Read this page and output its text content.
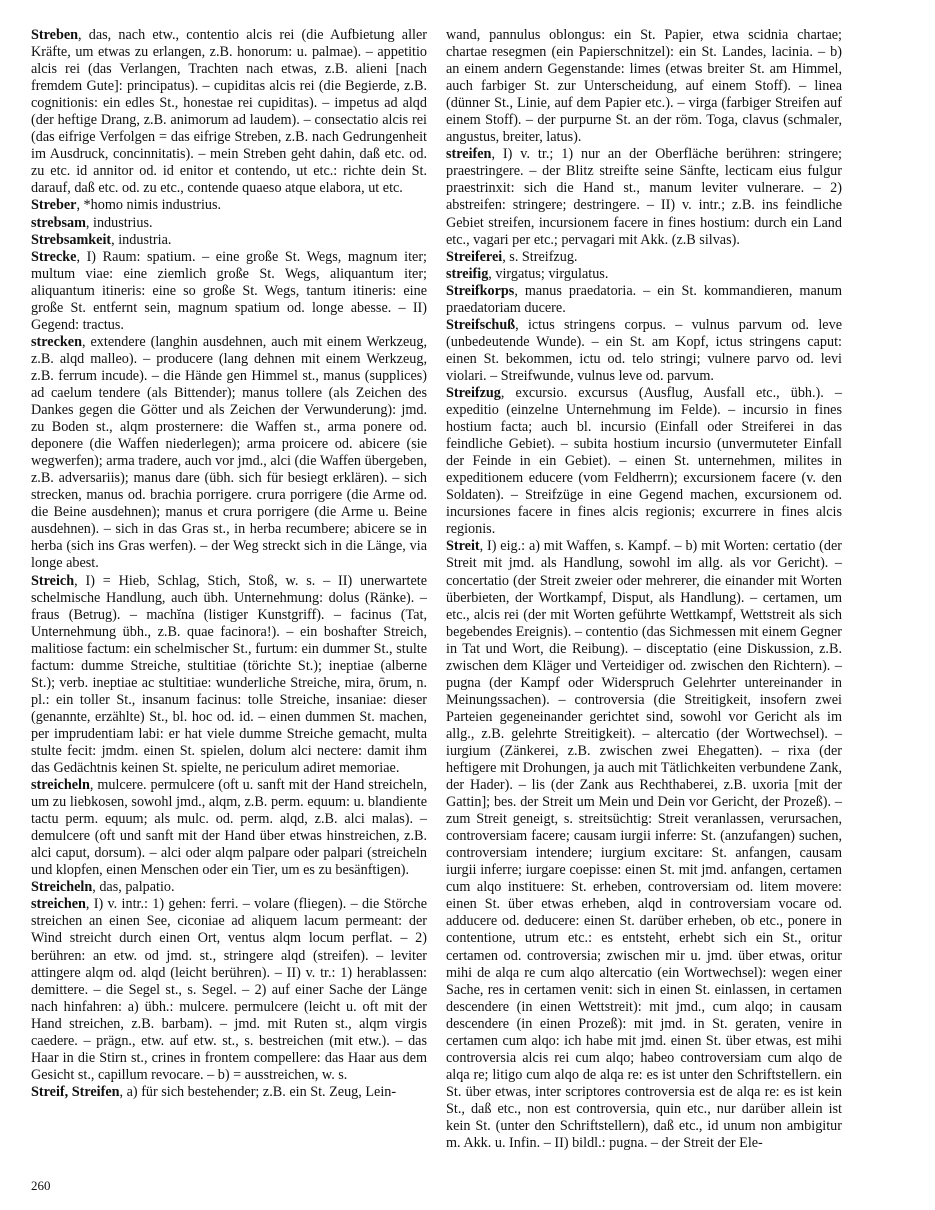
Streben, das, nach etw., contentio alcis rei (die Aufbietung aller Kräfte, um etwas zu erlangen, z.B. honorum: u. palmae). – appetitio alcis rei (das Verlangen, Trachten nach etwas, z.B. alieni [nach fremdem Gute]: principatus). – cupiditas alcis rei (die Begierde, z.B. cognitionis: ein edles St., honestae rei cupiditas). – impetus ad alqd (der heftige Drang, z.B. animorum ad laudem). – consectatio alcis rei (das eifrige Verfolgen = das eifrige Streben, z.B. nach Gedrungenheit im Ausdruck, concinnitatis). – mein Streben geht dahin, daß etc. od. zu etc. id annitor od. id enitor et contendo, ut etc.: richte dein St. darauf, daß etc. od. zu etc., contende quaeso atque elabora, ut etc.

Streber, *homo nimis industrius.

strebsam, industrius.

Strebsamkeit, industria.

Strecke, I) Raum: spatium. – eine große St. Wegs, magnum iter; multum viae: eine ziemlich große St. Wegs, aliquantum iter; aliquantum itineris: eine so große St. Wegs, tantum itineris: eine große St. entfernt sein, magnum spatium od. longe abesse. – II) Gegend: tractus.

strecken, extendere (langhin ausdehnen, auch mit einem Werkzeug, z.B. alqd malleo). – producere (lang dehnen mit einem Werkzeug, z.B. ferrum incude). – die Hände gen Himmel st., manus (supplices) ad caelum tendere (als Bittender); manus tollere (als Zeichen des Dankes gegen die Götter und als Zeichen der Verwunderung): jmd. zu Boden st., alqm prosternere: die Waffen st., arma ponere od. deponere (die Waffen niederlegen); arma proicere od. abicere (sie wegwerfen); arma tradere, auch vor jmd., alci (die Waffen übergeben, z.B. adversariis); manus dare (übh. sich für besiegt erklären). – sich strecken, manus od. brachia porrigere. crura porrigere (die Arme od. die Beine ausdehnen); manus et crura porrigere (die Arme u. Beine ausdehnen). – sich in das Gras st., in herba recumbere; abicere se in herba (sich ins Gras werfen). – der Weg streckt sich in die Länge, via longe abest.

Streich, I) = Hieb, Schlag, Stich, Stoß, w. s. – II) unerwartete schelmische Handlung, auch übh. Unternehmung: dolus (Ränke). – fraus (Betrug). – machĭna (listiger Kunstgriff). – facinus (Tat, Unternehmung übh., z.B. quae facinora!). – ein boshafter Streich, malitiose factum: ein schelmischer St., furtum: ein dummer St., stulte factum: dumme Streiche, stultitiae (törichte St.); ineptiae (alberne St.); verb. ineptiae ac stultitiae: wunderliche Streiche, mira, ōrum, n. pl.: ein toller St., insanum facinus: tolle Streiche, insaniae: dieser (genannte, erzählte) St., bl. hoc od. id. – einen dummen St. machen, per imprudentiam labi: er hat viele dumme Streiche gemacht, multa stulte fecit: jmdm. einen St. spielen, dolum alci nectere: damit ihm das Gedächtnis keinen St. spielte, ne periculum adiret memoriae.

streicheln, mulcere. permulcere (oft u. sanft mit der Hand streicheln, um zu liebkosen, sowohl jmd., alqm, z.B. perm. equum: u. blandiente tactu perm. equum; als mulc. od. perm. alqd, z.B. alci malas). – demulcere (oft und sanft mit der Hand über etwas hinstreichen, z.B. alci caput, dorsum). – alci oder alqm palpare oder palpari (streicheln und klopfen, einen Menschen oder ein Tier, um es zu besänftigen).

Streicheln, das, palpatio.

streichen, I) v. intr.: 1) gehen: ferri. – volare (fliegen). – die Störche streichen an einen See, ciconiae ad aliquem lacum permeant: der Wind streicht durch einen Ort, ventus alqm locum perflat. – 2) berühren: an etw. od jmd. st., stringere alqd (streifen). – leviter attingere alqm od. alqd (leicht berühren). – II) v. tr.: 1) herablassen: demittere. – die Segel st., s. Segel. – 2) auf einer Sache der Länge nach hinfahren: a) übh.: mulcere. permulcere (leicht u. oft mit der Hand streichen, z.B. barbam). – jmd. mit Ruten st., alqm virgis caedere. – prägn., etw. auf etw. st., s. bestreichen (mit etw.). – das Haar in die Stirn st., crines in frontem compellere: das Haar aus dem Gesicht st., capillum revocare. – b) = ausstreichen, w. s.

Streif, Streifen, a) für sich bestehender; z.B. ein St. Zeug, Lein-

wand, pannulus oblongus: ein St. Papier, etwa scidnia chartae; chartae resegmen (ein Papierschnitzel): ein St. Landes, lacinia. – b) an einem andern Gegenstande: limes (etwas breiter St. am Himmel, auch farbiger St. zur Unterscheidung, auf einem Stoff). – linea (dünner St., Linie, auf dem Papier etc.). – virga (farbiger Streifen auf einem Stoff). – der purpurne St. an der röm. Toga, clavus (schmaler, angustus, breiter, latus).

streifen, I) v. tr.; 1) nur an der Oberfläche berühren: stringere; praestringere. – der Blitz streifte seine Sänfte, lecticam eius fulgur praestrinxit: sich die Hand st., manum leviter vulnerare. – 2) abstreifen: stringere; destringere. – II) v. intr.; z.B. ins feindliche Gebiet streifen, incursionem facere in fines hostium: durch ein Land etc., vagari per etc.; pervagari mit Akk. (z.B silvas).

Streiferei, s. Streifzug.

streifig, virgatus; virgulatus.

Streifkorps, manus praedatoria. – ein St. kommandieren, manum praedatoriam ducere.

Streifschuß, ictus stringens corpus. – vulnus parvum od. leve (unbedeutende Wunde). – ein St. am Kopf, ictus stringens caput: einen St. bekommen, ictu od. telo stringi; vulnere parvo od. levi violari. – Streifwunde, vulnus leve od. parvum.

Streifzug, excursio. excursus (Ausflug, Ausfall etc., übh.). – expeditio (einzelne Unternehmung im Felde). – incursio in fines hostium facta; auch bl. incursio (Einfall oder Streiferei in das feindliche Gebiet). – subita hostium incursio (unvermuteter Einfall der Feinde in ein Gebiet). – einen St. unternehmen, milites in expeditionem educere (vom Feldherrn); excursionem facere (v. den Soldaten). – Streifzüge in eine Gegend machen, excursionem od. incursiones facere in fines alcis regionis; excurrere in fines alcis regionis.

Streit, I) eig.: a) mit Waffen, s. Kampf. – b) mit Worten: certatio (der Streit mit jmd. als Handlung, sowohl im allg. als vor Gericht). – concertatio (der Streit zweier oder mehrerer, die einander mit Worten überbieten, der Wortkampf, Disput, als Handlung). – certamen, um etc., alcis rei (der mit Worten geführte Wettkampf, Wettstreit als sich begebendes Ereignis). – contentio (das Sichmessen mit einem Gegner in Tat und Wort, die Reibung). – disceptatio (eine Diskussion, z.B. zwischen dem Kläger und Verteidiger od. zwischen den Richtern). – pugna (der Kampf oder Widerspruch Gelehrter untereinander in Meinungssachen). – controversia (die Streitigkeit, insofern zwei Parteien gegeneinander gerichtet sind, sowohl vor Gericht als im allg., z.B. gelehrte Streitigkeit). – altercatio (der Wortwechsel). – iurgium (Zänkerei, z.B. zwischen zwei Ehegatten). – rixa (der heftigere mit Drohungen, ja auch mit Tätlichkeiten verbundene Zank, der Hader). – lis (der Zank aus Rechthaberei, z.B. uxoria [mit der Gattin]; bes. der Streit um Mein und Dein vor Gericht, der Prozeß). – zum Streit geneigt, s. streitsüchtig: Streit veranlassen, verursachen, controversiam facere; causam iurgii inferre: St. (anzufangen) suchen, controversiam intendere; iurgium excitare: St. anfangen, causam iurgii inferre; iurgare coepisse: einen St. mit jmd. anfangen, certamen cum alqo instituere: St. erheben, controversiam od. litem movere: einen St. über etwas erheben, alqd in controversiam vocare od. adducere od. deducere: einen St. darüber erheben, ob etc., ponere in contentione, utrum etc.: es entsteht, erhebt sich ein St., oritur certamen od. controversia; zwischen mir u. jmd. über etwas, oritur mihi de alqa re cum alqo altercatio (ein Wortwechsel): wegen einer Sache, res in certamen venit: sich in einen St. einlassen, in certamen descendere (in einen Wettstreit): mit jmd., cum alqo; in causam descendere (in einen Prozeß): mit jmd. in St. geraten, venire in certamen cum alqo: ich habe mit jmd. einen St. über etwas, est mihi controversia alcis rei cum alqo; habeo controversiam cum alqo de alqa re; litigo cum alqo de alqa re: es ist unter den Schriftstellern. ein St. über etwas, inter scriptores controversia est de alqa re: es ist kein St., daß etc., non est controversia, quin etc., nur darüber allein ist kein St. (unter den Schriftstellern), daß etc., id unum non ambigitur m. Akk. u. Infin. – II) bildl.: pugna. – der Streit der Ele-

260
